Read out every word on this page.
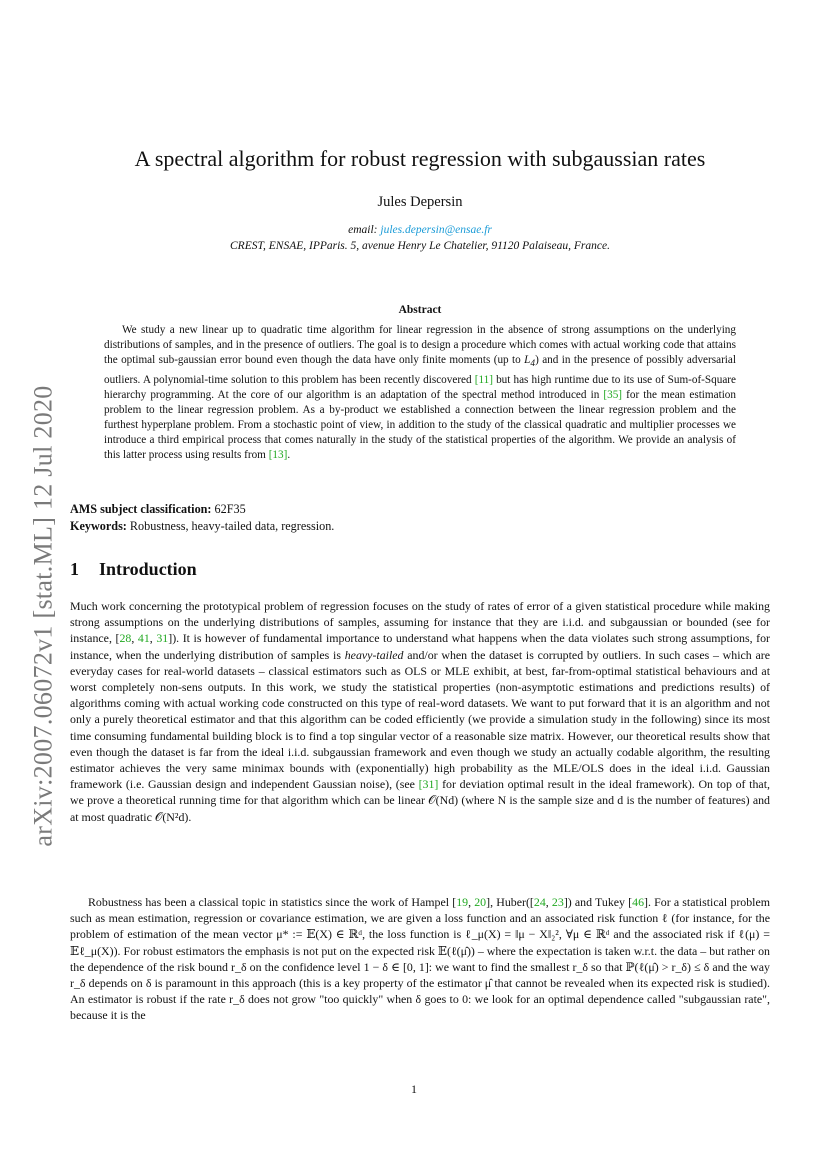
arXiv:2007.06072v1 [stat.ML] 12 Jul 2020
A spectral algorithm for robust regression with subgaussian rates
Jules Depersin
email: jules.depersin@ensae.fr
CREST, ENSAE, IPParis. 5, avenue Henry Le Chatelier, 91120 Palaiseau, France.
Abstract

We study a new linear up to quadratic time algorithm for linear regression in the absence of strong assumptions on the underlying distributions of samples, and in the presence of outliers. The goal is to design a procedure which comes with actual working code that attains the optimal sub-gaussian error bound even though the data have only finite moments (up to $L_4$) and in the presence of possibly adversarial outliers. A polynomial-time solution to this problem has been recently discovered [11] but has high runtime due to its use of Sum-of-Square hierarchy programming. At the core of our algorithm is an adaptation of the spectral method introduced in [35] for the mean estimation problem to the linear regression problem. As a by-product we established a connection between the linear regression problem and the furthest hyperplane problem. From a stochastic point of view, in addition to the study of the classical quadratic and multiplier processes we introduce a third empirical process that comes naturally in the study of the statistical properties of the algorithm. We provide an analysis of this latter process using results from [13].

AMS subject classification: 62F35
Keywords: Robustness, heavy-tailed data, regression.
1 Introduction

Much work concerning the prototypical problem of regression focuses on the study of rates of error of a given statistical procedure while making strong assumptions on the underlying distributions of samples, assuming for instance that they are i.i.d. and subgaussian or bounded (see for instance, [28, 41, 31]). It is however of fundamental importance to understand what happens when the data violates such strong assumptions, for instance, when the underlying distribution of samples is heavy-tailed and/or when the dataset is corrupted by outliers. In such cases – which are everyday cases for real-world datasets – classical estimators such as OLS or MLE exhibit, at best, far-from-optimal statistical behaviours and at worst completely non-sens outputs. In this work, we study the statistical properties (non-asymptotic estimations and predictions results) of algorithms coming with actual working code constructed on this type of real-word datasets. We want to put forward that it is an algorithm and not only a purely theoretical estimator and that this algorithm can be coded efficiently (we provide a simulation study in the following) since its most time consuming fundamental building block is to find a top singular vector of a reasonable size matrix. However, our theoretical results show that even though the dataset is far from the ideal i.i.d. subgaussian framework and even though we study an actually codable algorithm, the resulting estimator achieves the very same minimax bounds with (exponentially) high probability as the MLE/OLS does in the ideal i.i.d. Gaussian framework (i.e. Gaussian design and independent Gaussian noise), (see [31] for deviation optimal result in the ideal framework). On top of that, we prove a theoretical running time for that algorithm which can be linear 𝒪(Nd) (where N is the sample size and d is the number of features) and at most quadratic 𝒪(N²d).

Robustness has been a classical topic in statistics since the work of Hampel [19, 20], Huber([24, 23]) and Tukey [46]. For a statistical problem such as mean estimation, regression or covariance estimation, we are given a loss function and an associated risk function ℓ (for instance, for the problem of estimation of the mean vector μ* := 𝔼(X) ∈ ℝᵈ, the loss function is ℓ_μ(X) = ‖μ − X‖₂², ∀μ ∈ ℝᵈ and the associated risk if ℓ(μ) = 𝔼ℓ_μ(X)). For robust estimators the emphasis is not put on the expected risk 𝔼(ℓ(μ̂)) – where the expectation is taken w.r.t. the data – but rather on the dependence of the risk bound r_δ on the confidence level 1 − δ ∈ [0, 1]: we want to find the smallest r_δ so that ℙ(ℓ(μ̂) > r_δ) ≤ δ and the way r_δ depends on δ is paramount in this approach (this is a key property of the estimator μ̂ that cannot be revealed when its expected risk is studied). An estimator is robust if the rate r_δ does not grow "too quickly" when δ goes to 0: we look for an optimal dependence called "subgaussian rate", because it is the

1
